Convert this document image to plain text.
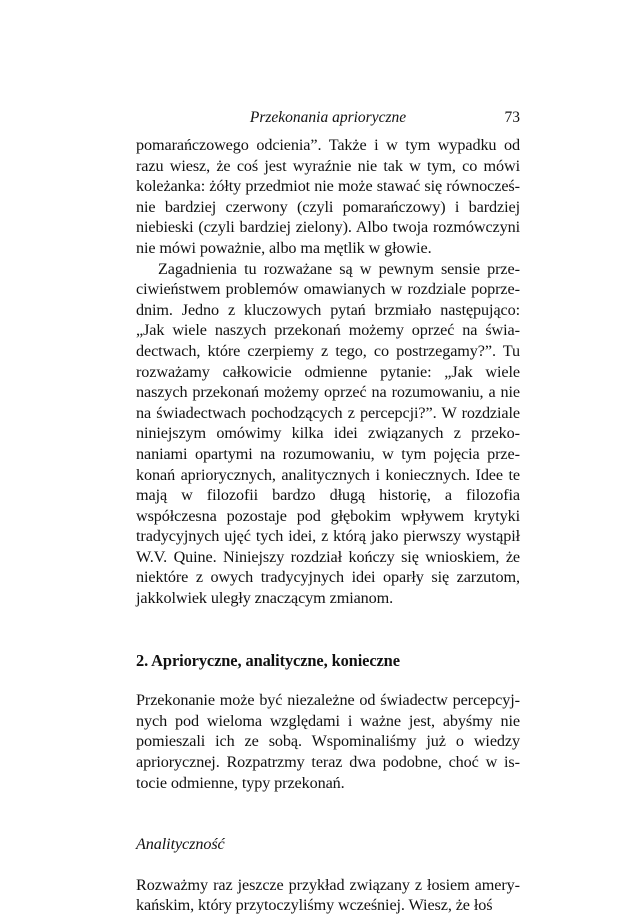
Przekonania aprioryczne	73

pomarańczowego odcienia”. Także i w tym wypadku od razu wiesz, że coś jest wyraźnie nie tak w tym, co mówi koleżanka: żółty przedmiot nie może stawać się równocześnie bardziej czerwony (czyli pomarańczowy) i bardziej niebieski (czyli bardziej zielony). Albo twoja rozmówczyni nie mówi poważnie, albo ma mętlik w głowie.

Zagadnienia tu rozważane są w pewnym sensie przeciwieństwem problemów omawianych w rozdziale poprzednim. Jedno z kluczowych pytań brzmiało następująco: „Jak wiele naszych przekonań możemy oprzeć na świadectwach, które czerpiemy z tego, co postrzegamy?”. Tu rozważamy całkowicie odmienne pytanie: „Jak wiele naszych przekonań możemy oprzeć na rozumowaniu, a nie na świadectwach pochodzących z percepcji?”. W rozdziale niniejszym omówimy kilka idei związanych z przekonaniami opartymi na rozumowaniu, w tym pojęcia przekonań apriorycznych, analitycznych i koniecznych. Idee te mają w filozofii bardzo długą historię, a filozofia współczesna pozostaje pod głębokim wpływem krytyki tradycyjnych ujęć tych idei, z którą jako pierwszy wystąpił W.V. Quine. Niniejszy rozdział kończy się wnioskiem, że niektóre z owych tradycyjnych idei oparły się zarzutom, jakkolwiek uległy znaczącym zmianom.

2. Aprioryczne, analityczne, konieczne

Przekonanie może być niezależne od świadectw percepcyjnych pod wieloma względami i ważne jest, abyśmy nie pomieszali ich ze sobą. Wspominaliśmy już o wiedzy apriorycznej. Rozpatrzmy teraz dwa podobne, choć w istocie odmienne, typy przekonań.

Analityczność

Rozważmy raz jeszcze przykład związany z łosiem amerykańskim, który przytoczyliśmy wcześniej. Wiesz, że łoś
